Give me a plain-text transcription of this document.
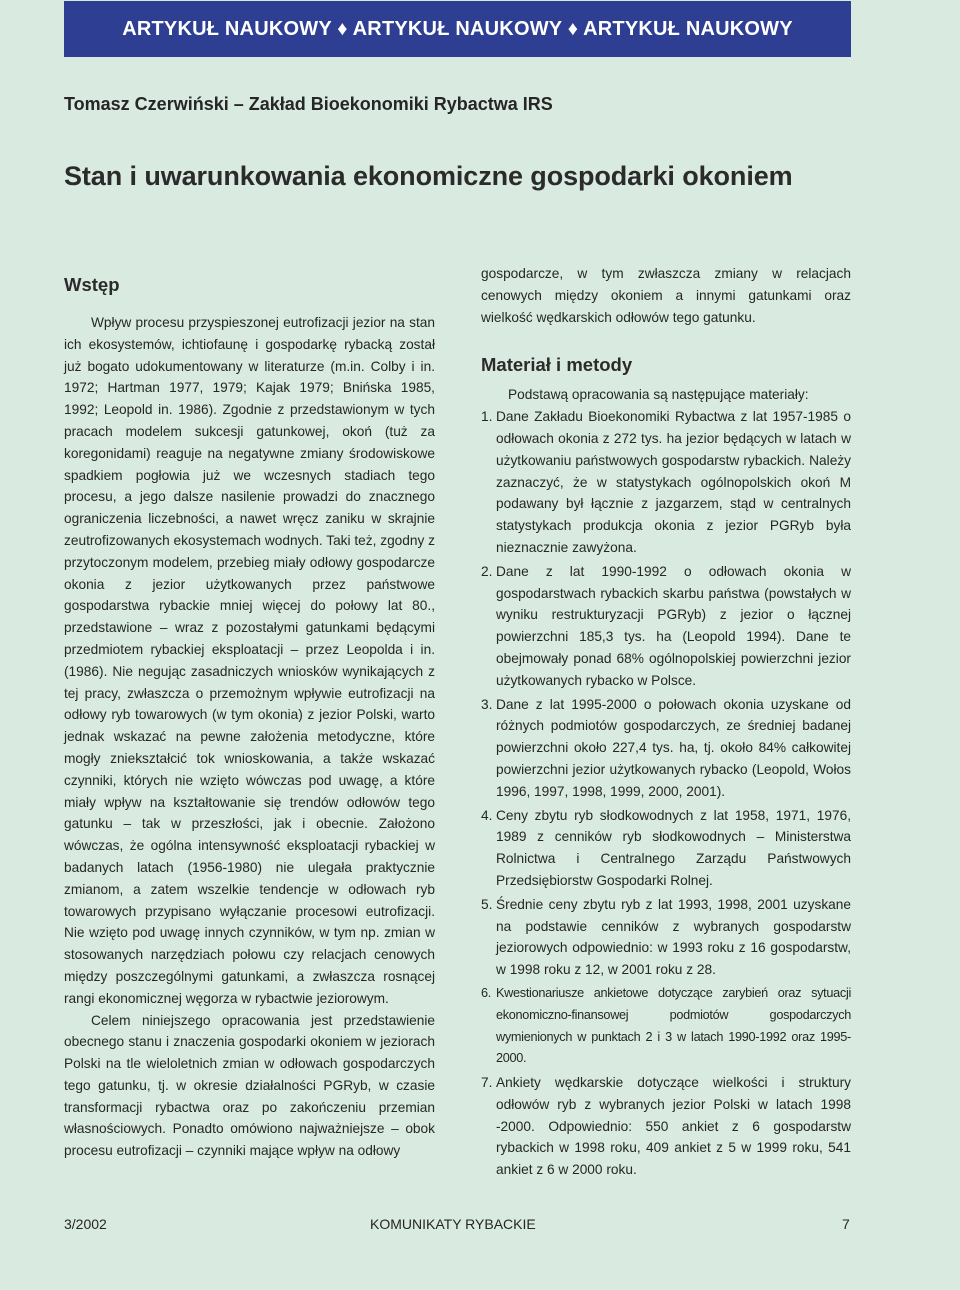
ARTYKUŁ NAUKOWY ♦ ARTYKUŁ NAUKOWY ♦ ARTYKUŁ NAUKOWY
Tomasz Czerwiński – Zakład Bioekonomiki Rybactwa IRS
Stan i uwarunkowania ekonomiczne gospodarki okoniem
Wstęp

Wpływ procesu przyspieszonej eutrofizacji jezior na stan ich ekosystemów, ichtiofaunę i gospodarkę rybacką został już bogato udokumentowany w literaturze (m.in. Colby i in. 1972; Hartman 1977, 1979; Kajak 1979; Bnińska 1985, 1992; Leopold in. 1986). Zgodnie z przedstawionym w tych pracach modelem sukcesji gatunkowej, okoń (tuż za koregonidami) reaguje na negatywne zmiany środowiskowe spadkiem pogłowia już we wczesnych stadiach tego procesu, a jego dalsze nasilenie prowadzi do znacznego ograniczenia liczebności, a nawet wręcz zaniku w skrajnie zeutrofizowanych ekosystemach wodnych. Taki też, zgodny z przytoczonym modelem, przebieg miały odłowy gospodarcze okonia z jezior użytkowanych przez państwowe gospodarstwa rybackie mniej więcej do połowy lat 80., przedstawione – wraz z pozostałymi gatunkami będącymi przedmiotem rybackiej eksploatacji – przez Leopolda i in. (1986). Nie negując zasadniczych wniosków wynikających z tej pracy, zwłaszcza o przemożnym wpływie eutrofizacji na odłowy ryb towarowych (w tym okonia) z jezior Polski, warto jednak wskazać na pewne założenia metodyczne, które mogły zniekształcić tok wnioskowania, a także wskazać czynniki, których nie wzięto wówczas pod uwagę, a które miały wpływ na kształtowanie się trendów odłowów tego gatunku – tak w przeszłości, jak i obecnie. Założono wówczas, że ogólna intensywność eksploatacji rybackiej w badanych latach (1956-1980) nie ulegała praktycznie zmianom, a zatem wszelkie tendencje w odłowach ryb towarowych przypisano wyłączanie procesowi eutrofizacji. Nie wzięto pod uwagę innych czynników, w tym np. zmian w stosowanych narzędziach połowu czy relacjach cenowych między poszczególnymi gatunkami, a zwłaszcza rosnącej rangi ekonomicznej węgorza w rybactwie jeziorowym.

Celem niniejszego opracowania jest przedstawienie obecnego stanu i znaczenia gospodarki okoniem w jeziorach Polski na tle wieloletnich zmian w odłowach gospodarczych tego gatunku, tj. w okresie działalności PGRyb, w czasie transformacji rybactwa oraz po zakończeniu przemian własnościowych. Ponadto omówiono najważniejsze – obok procesu eutrofizacji – czynniki mające wpływ na odłowy

gospodarcze, w tym zwłaszcza zmiany w relacjach cenowych między okoniem a innymi gatunkami oraz wielkość wędkarskich odłowów tego gatunku.

Materiał i metody

Podstawą opracowania są następujące materiały:

1. Dane Zakładu Bioekonomiki Rybactwa z lat 1957-1985 o odłowach okonia z 272 tys. ha jezior będących w latach w użytkowaniu państwowych gospodarstw rybackich. Należy zaznaczyć, że w statystykach ogólnopolskich okoń M podawany był łącznie z jazgarzem, stąd w centralnych statystykach produkcja okonia z jezior PGRyb była nieznacznie zawyżona.
2. Dane z lat 1990-1992 o odłowach okonia w gospodarstwach rybackich skarbu państwa (powstałych w wyniku restrukturyzacji PGRyb) z jezior o łącznej powierzchni 185,3 tys. ha (Leopold 1994). Dane te obejmowały ponad 68% ogólnopolskiej powierzchni jezior użytkowanych rybacko w Polsce.
3. Dane z lat 1995-2000 o połowach okonia uzyskane od różnych podmiotów gospodarczych, ze średniej badanej powierzchni około 227,4 tys. ha, tj. około 84% całkowitej powierzchni jezior użytkowanych rybacko (Leopold, Wołos 1996, 1997, 1998, 1999, 2000, 2001).
4. Ceny zbytu ryb słodkowodnych z lat 1958, 1971, 1976, 1989 z cenników ryb słodkowodnych – Ministerstwa Rolnictwa i Centralnego Zarządu Państwowych Przedsiębiorstw Gospodarki Rolnej.
5. Średnie ceny zbytu ryb z lat 1993, 1998, 2001 uzyskane na podstawie cenników z wybranych gospodarstw jeziorowych odpowiednio: w 1993 roku z 16 gospodarstw, w 1998 roku z 12, w 2001 roku z 28.
6. Kwestionariusze ankietowe dotyczące zarybień oraz sytuacji ekonomiczno-finansowej podmiotów gospodarczych wymienionych w punktach 2 i 3 w latach 1990-1992 oraz 1995-2000.
7. Ankiety wędkarskie dotyczące wielkości i struktury odłowów ryb z wybranych jezior Polski w latach 1998 -2000. Odpowiednio: 550 ankiet z 6 gospodarstw rybackich w 1998 roku, 409 ankiet z 5 w 1999 roku, 541 ankiet z 6 w 2000 roku.
3/2002	KOMUNIKATY RYBACKIE	7
